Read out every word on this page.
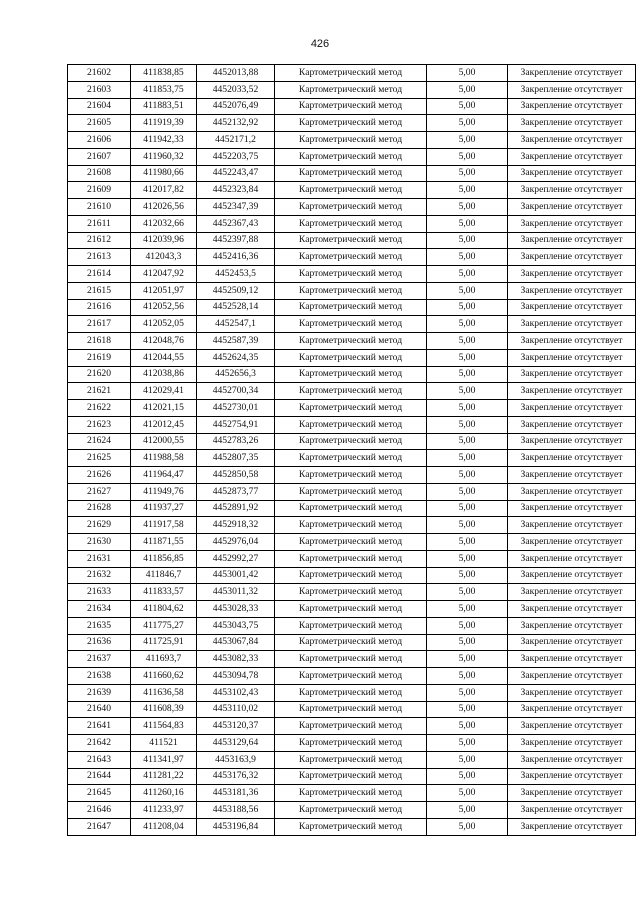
426
21602	411838,85	4452013,88	Картометрический метод	5,00	Закрепление отсутствует
21603	411853,75	4452033,52	Картометрический метод	5,00	Закрепление отсутствует
21604	411883,51	4452076,49	Картометрический метод	5,00	Закрепление отсутствует
21605	411919,39	4452132,92	Картометрический метод	5,00	Закрепление отсутствует
21606	411942,33	4452171,2	Картометрический метод	5,00	Закрепление отсутствует
21607	411960,32	4452203,75	Картометрический метод	5,00	Закрепление отсутствует
21608	411980,66	4452243,47	Картометрический метод	5,00	Закрепление отсутствует
21609	412017,82	4452323,84	Картометрический метод	5,00	Закрепление отсутствует
21610	412026,56	4452347,39	Картометрический метод	5,00	Закрепление отсутствует
21611	412032,66	4452367,43	Картометрический метод	5,00	Закрепление отсутствует
21612	412039,96	4452397,88	Картометрический метод	5,00	Закрепление отсутствует
21613	412043,3	4452416,36	Картометрический метод	5,00	Закрепление отсутствует
21614	412047,92	4452453,5	Картометрический метод	5,00	Закрепление отсутствует
21615	412051,97	4452509,12	Картометрический метод	5,00	Закрепление отсутствует
21616	412052,56	4452528,14	Картометрический метод	5,00	Закрепление отсутствует
21617	412052,05	4452547,1	Картометрический метод	5,00	Закрепление отсутствует
21618	412048,76	4452587,39	Картометрический метод	5,00	Закрепление отсутствует
21619	412044,55	4452624,35	Картометрический метод	5,00	Закрепление отсутствует
21620	412038,86	4452656,3	Картометрический метод	5,00	Закрепление отсутствует
21621	412029,41	4452700,34	Картометрический метод	5,00	Закрепление отсутствует
21622	412021,15	4452730,01	Картометрический метод	5,00	Закрепление отсутствует
21623	412012,45	4452754,91	Картометрический метод	5,00	Закрепление отсутствует
21624	412000,55	4452783,26	Картометрический метод	5,00	Закрепление отсутствует
21625	411988,58	4452807,35	Картометрический метод	5,00	Закрепление отсутствует
21626	411964,47	4452850,58	Картометрический метод	5,00	Закрепление отсутствует
21627	411949,76	4452873,77	Картометрический метод	5,00	Закрепление отсутствует
21628	411937,27	4452891,92	Картометрический метод	5,00	Закрепление отсутствует
21629	411917,58	4452918,32	Картометрический метод	5,00	Закрепление отсутствует
21630	411871,55	4452976,04	Картометрический метод	5,00	Закрепление отсутствует
21631	411856,85	4452992,27	Картометрический метод	5,00	Закрепление отсутствует
21632	411846,7	4453001,42	Картометрический метод	5,00	Закрепление отсутствует
21633	411833,57	4453011,32	Картометрический метод	5,00	Закрепление отсутствует
21634	411804,62	4453028,33	Картометрический метод	5,00	Закрепление отсутствует
21635	411775,27	4453043,75	Картометрический метод	5,00	Закрепление отсутствует
21636	411725,91	4453067,84	Картометрический метод	5,00	Закрепление отсутствует
21637	411693,7	4453082,33	Картометрический метод	5,00	Закрепление отсутствует
21638	411660,62	4453094,78	Картометрический метод	5,00	Закрепление отсутствует
21639	411636,58	4453102,43	Картометрический метод	5,00	Закрепление отсутствует
21640	411608,39	4453110,02	Картометрический метод	5,00	Закрепление отсутствует
21641	411564,83	4453120,37	Картометрический метод	5,00	Закрепление отсутствует
21642	411521	4453129,64	Картометрический метод	5,00	Закрепление отсутствует
21643	411341,97	4453163,9	Картометрический метод	5,00	Закрепление отсутствует
21644	411281,22	4453176,32	Картометрический метод	5,00	Закрепление отсутствует
21645	411260,16	4453181,36	Картометрический метод	5,00	Закрепление отсутствует
21646	411233,97	4453188,56	Картометрический метод	5,00	Закрепление отсутствует
21647	411208,04	4453196,84	Картометрический метод	5,00	Закрепление отсутствует
